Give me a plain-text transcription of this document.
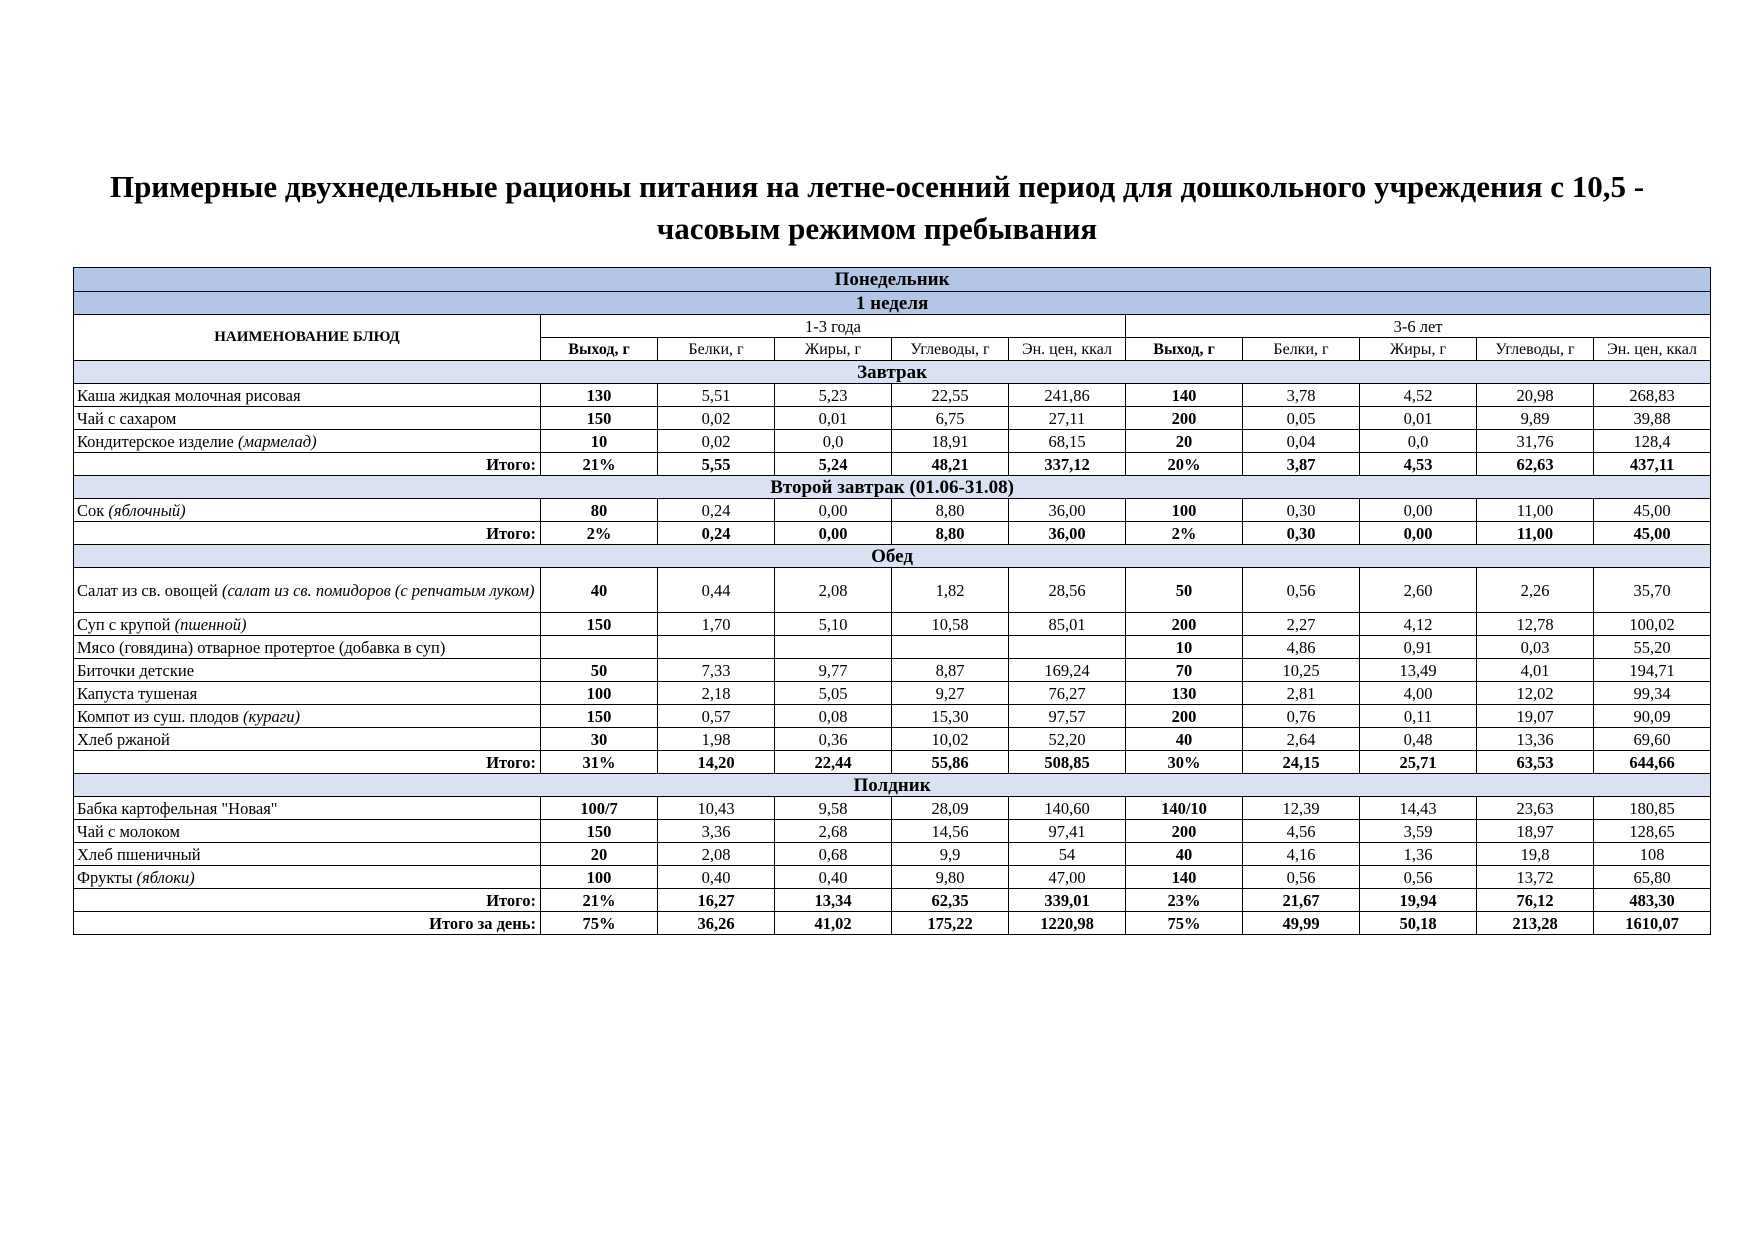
Примерные двухнедельные рационы питания на летне-осенний период для дошкольного учреждения с 10,5 - часовым режимом пребывания
Понедельник										
1 неделя										
НАИМЕНОВАНИЕ БЛЮД	1-3 года					3-6 лет				
	Выход, г	Белки, г	Жиры, г	Углеводы, г	Эн. цен, ккал	Выход, г	Белки, г	Жиры, г	Углеводы, г	Эн. цен, ккал
Завтрак										
Каша жидкая молочная рисовая	130	5,51	5,23	22,55	241,86	140	3,78	4,52	20,98	268,83
Чай с сахаром	150	0,02	0,01	6,75	27,11	200	0,05	0,01	9,89	39,88
Кондитерское изделие (мармелад)	10	0,02	0,0	18,91	68,15	20	0,04	0,0	31,76	128,4
Итого:	21%	5,55	5,24	48,21	337,12	20%	3,87	4,53	62,63	437,11
Второй завтрак (01.06-31.08)										
Сок (яблочный)	80	0,24	0,00	8,80	36,00	100	0,30	0,00	11,00	45,00
Итого:	2%	0,24	0,00	8,80	36,00	2%	0,30	0,00	11,00	45,00
Обед										
Салат из св. овощей (салат из св. помидоров (с репчатым луком)	40	0,44	2,08	1,82	28,56	50	0,56	2,60	2,26	35,70
Суп с крупой (пшенной)	150	1,70	5,10	10,58	85,01	200	2,27	4,12	12,78	100,02
Мясо (говядина) отварное протертое (добавка в суп)						10	4,86	0,91	0,03	55,20
Биточки детские	50	7,33	9,77	8,87	169,24	70	10,25	13,49	4,01	194,71
Капуста тушеная	100	2,18	5,05	9,27	76,27	130	2,81	4,00	12,02	99,34
Компот из суш. плодов (кураги)	150	0,57	0,08	15,30	97,57	200	0,76	0,11	19,07	90,09
Хлеб ржаной	30	1,98	0,36	10,02	52,20	40	2,64	0,48	13,36	69,60
Итого:	31%	14,20	22,44	55,86	508,85	30%	24,15	25,71	63,53	644,66
Полдник										
Бабка картофельная "Новая"	100/7	10,43	9,58	28,09	140,60	140/10	12,39	14,43	23,63	180,85
Чай с молоком	150	3,36	2,68	14,56	97,41	200	4,56	3,59	18,97	128,65
Хлеб пшеничный	20	2,08	0,68	9,9	54	40	4,16	1,36	19,8	108
Фрукты (яблоки)	100	0,40	0,40	9,80	47,00	140	0,56	0,56	13,72	65,80
Итого:	21%	16,27	13,34	62,35	339,01	23%	21,67	19,94	76,12	483,30
Итого за день:	75%	36,26	41,02	175,22	1220,98	75%	49,99	50,18	213,28	1610,07
